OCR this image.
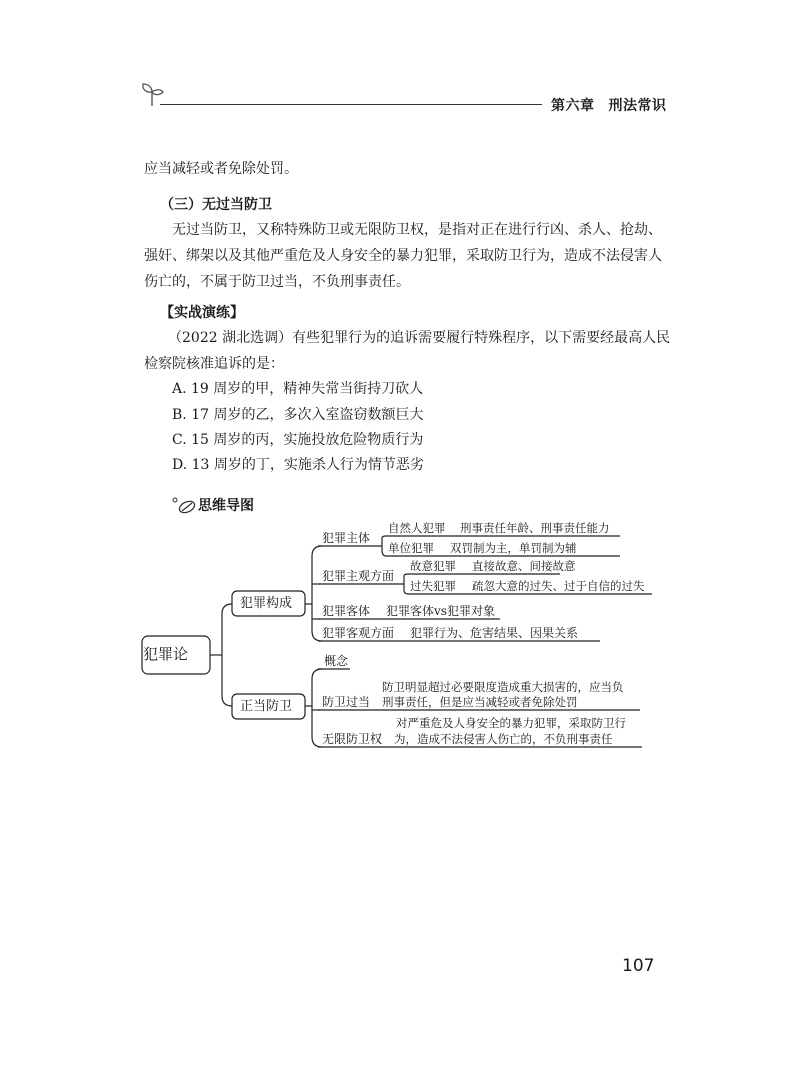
第六章 刑法常识
应当减轻或者免除处罚。
（三）无过当防卫
无过当防卫，又称特殊防卫或无限防卫权，是指对正在进行行凶、杀人、抢劫、
强奸、绑架以及其他严重危及人身安全的暴力犯罪，采取防卫行为，造成不法侵害人
伤亡的，不属于防卫过当，不负刑事责任。
【实战演练】
（2022 湖北选调）有些犯罪行为的追诉需要履行特殊程序，以下需要经最高人民
检察院核准追诉的是：
A. 19 周岁的甲，精神失常当街持刀砍人
B. 17 周岁的乙，多次入室盗窃数额巨大
C. 15 周岁的丙，实施投放危险物质行为
D. 13 周岁的丁，实施杀人行为情节恶劣
思维导图
犯罪论
犯罪构成
正当防卫
犯罪主体
自然人犯罪 刑事责任年龄、刑事责任能力
单位犯罪 双罚制为主，单罚制为辅
犯罪主观方面
故意犯罪 直接故意、间接故意
过失犯罪 疏忽大意的过失、过于自信的过失
犯罪客体 犯罪客体vs犯罪对象
犯罪客观方面 犯罪行为、危害结果、因果关系
概念
防卫过当
防卫明显超过必要限度造成重大损害的，应当负
刑事责任，但是应当减轻或者免除处罚
无限防卫权
对严重危及人身安全的暴力犯罪，采取防卫行
为，造成不法侵害人伤亡的，不负刑事责任
107
